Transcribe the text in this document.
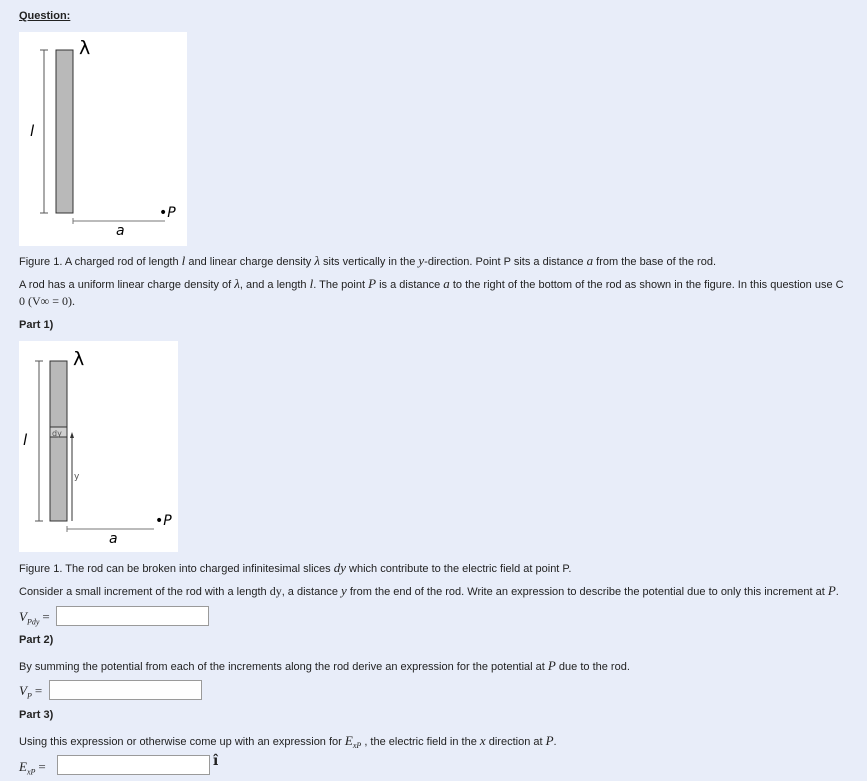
Question:
λ
l
a
•P
Figure 1. A charged rod of length l and linear charge density λ sits vertically in the y-direction. Point P sits a distance a from the base of the rod.
A rod has a uniform linear charge density of λ, and a length l. The point P is a distance a to the right of the bottom of the rod as shown in the figure. In this question use C
0 (V∞ = 0).
Part 1)
λ
l	dy
y
a
•P
Figure 1. The rod can be broken into charged infinitesimal slices dy which contribute to the electric field at point P.
Consider a small increment of the rod with a length dy, a distance y from the end of the rod. Write an expression to describe the potential due to only this increment at P.
$V_{Pdy}$ =
Part 2)
By summing the potential from each of the increments along the rod derive an expression for the potential at P due to the rod.
$V_P$ =
Part 3)
Using this expression or otherwise come up with an expression for $E_{xP}$ , the electric field in the x direction at P.
$E_{xP}$ =	î
